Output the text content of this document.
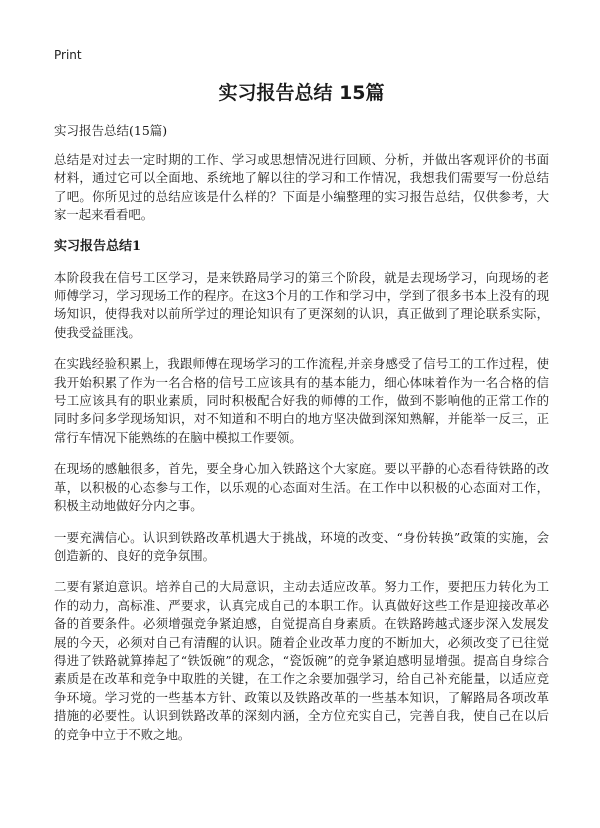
Print
实习报告总结 15篇

实习报告总结(15篇)

总结是对过去一定时期的工作、学习或思想情况进行回顾、分析，并做出客观评价的书面材料，通过它可以全面地、系统地了解以往的学习和工作情况，我想我们需要写一份总结了吧。你所见过的总结应该是什么样的？下面是小编整理的实习报告总结，仅供参考，大家一起来看看吧。

实习报告总结1

本阶段我在信号工区学习，是来铁路局学习的第三个阶段，就是去现场学习，向现场的老师傅学习，学习现场工作的程序。在这3个月的工作和学习中，学到了很多书本上没有的现场知识，使得我对以前所学过的理论知识有了更深刻的认识，真正做到了理论联系实际，使我受益匪浅。

在实践经验积累上，我跟师傅在现场学习的工作流程,并亲身感受了信号工的工作过程，使我开始积累了作为一名合格的信号工应该具有的基本能力，细心体味着作为一名合格的信号工应该具有的职业素质，同时积极配合好我的师傅的工作，做到不影响他的正常工作的同时多问多学现场知识，对不知道和不明白的地方坚决做到深知熟解，并能举一反三，正常行车情况下能熟练的在脑中模拟工作要领。

在现场的感触很多，首先，要全身心加入铁路这个大家庭。要以平静的心态看待铁路的改革，以积极的心态参与工作，以乐观的心态面对生活。在工作中以积极的心态面对工作，积极主动地做好分内之事。

一要充满信心。认识到铁路改革机遇大于挑战，环境的改变、“身份转换”政策的实施，会创造新的、良好的竞争氛围。

二要有紧迫意识。培养自己的大局意识，主动去适应改革。努力工作，要把压力转化为工作的动力，高标准、严要求，认真完成自己的本职工作。认真做好这些工作是迎接改革必备的首要条件。必须增强竞争紧迫感，自觉提高自身素质。在铁路跨越式逐步深入发展发展的今天，必须对自己有清醒的认识。随着企业改革力度的不断加大，必须改变了已往觉得进了铁路就算捧起了“铁饭碗”的观念，“瓷饭碗”的竞争紧迫感明显增强。提高自身综合素质是在改革和竞争中取胜的关键，在工作之余要加强学习，给自己补充能量，以适应竞争环境。学习党的一些基本方针、政策以及铁路改革的一些基本知识，了解路局各项改革措施的必要性。认识到铁路改革的深刻内涵，全方位充实自己，完善自我，使自己在以后的竞争中立于不败之地。
